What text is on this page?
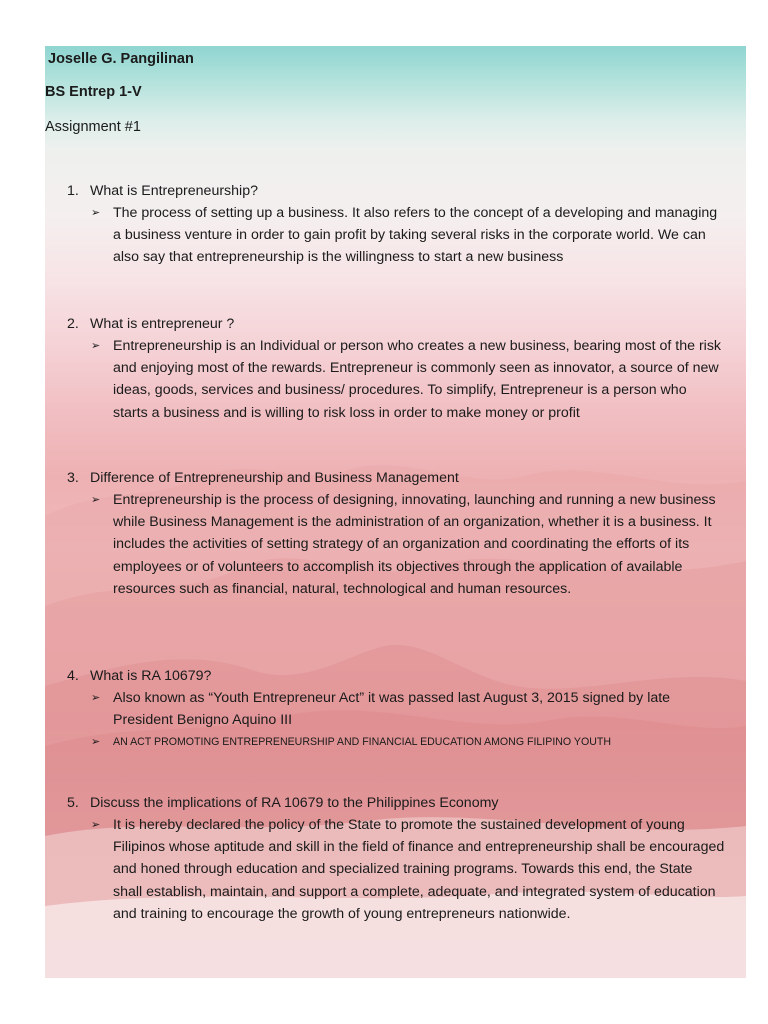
Joselle G. Pangilinan
BS Entrep 1-V
Assignment #1
1. What is Entrepreneurship?
➢ The process of setting up a business. It also refers to the concept of a developing and managing a business venture in order to gain profit by taking several risks in the corporate world. We can also say that entrepreneurship is the willingness to start a new business
2. What is entrepreneur ?
➢ Entrepreneurship is an Individual or person who creates a new business, bearing most of the risk and enjoying most of the rewards. Entrepreneur is commonly seen as innovator, a source of new ideas, goods, services and business/ procedures. To simplify, Entrepreneur is a person who starts a business and is willing to risk loss in order to make money or profit
3. Difference of Entrepreneurship and Business Management
➢ Entrepreneurship is the process of designing, innovating, launching and running a new business while Business Management is the administration of an organization, whether it is a business. It includes the activities of setting strategy of an organization and coordinating the efforts of its employees or of volunteers to accomplish its objectives through the application of available resources such as financial, natural, technological and human resources.
4. What is RA 10679?
➢ Also known as “Youth Entrepreneur Act” it was passed last August 3, 2015 signed by late President Benigno Aquino III
➢ AN ACT PROMOTING ENTREPRENEURSHIP AND FINANCIAL EDUCATION AMONG FILIPINO YOUTH
5. Discuss the implications of RA 10679 to the Philippines Economy
➢ It is hereby declared the policy of the State to promote the sustained development of young Filipinos whose aptitude and skill in the field of finance and entrepreneurship shall be encouraged and honed through education and specialized training programs. Towards this end, the State shall establish, maintain, and support a complete, adequate, and integrated system of education and training to encourage the growth of young entrepreneurs nationwide.
